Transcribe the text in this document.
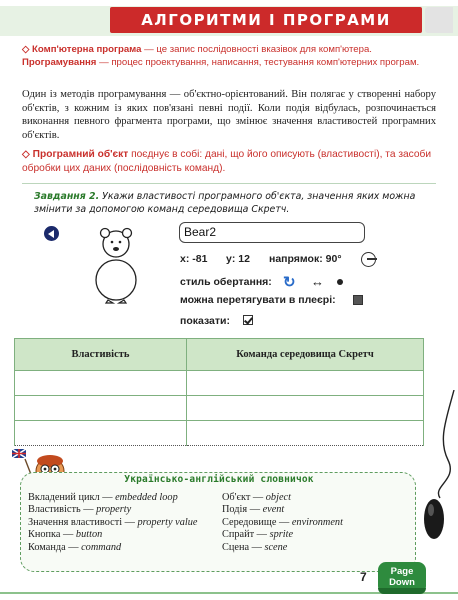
АЛГОРИТМИ І ПРОГРАМИ
◇ Комп'ютерна програма — це запис послідовності вказівок для комп'ютера. Програмування — процес проектування, написання, тестування комп'ютерних програм.
Один із методів програмування — об'єктно-орієнтований. Він полягає у створенні набору об'єктів, з кожним із яких пов'язані певні події. Коли подія відбулась, розпочинається виконання певного фрагмента програми, що змінює значення властивостей програмних об'єктів.
◇ Програмний об'єкт поєднує в собі: дані, що його описують (властивості), та засоби обробки цих даних (послідовність команд).
Завдання 2. Укажи властивості програмного об'єкта, значення яких можна змінити за допомогою команд середовища Скретч.
Bear2
x: -81 y: 12 напрямок: 90°
стиль обертання: ↻ ↔
можна перетягувати в плеєрі:
показати:
Властивість	Команда середовища Скретч

Українсько-англійський словничок
Вкладений цикл — embedded loop
Властивість — property
Значення властивості — property value
Кнопка — button
Команда — command
Об'єкт — object
Подія — event
Середовище — environment
Спрайт — sprite
Сцена — scene
7	Page
Down
